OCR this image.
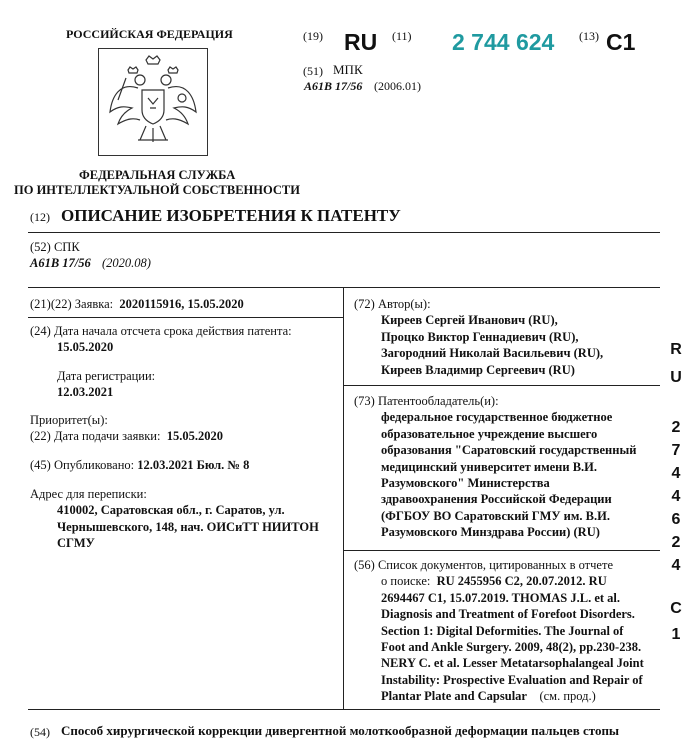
РОССИЙСКАЯ ФЕДЕРАЦИЯ
ФЕДЕРАЛЬНАЯ СЛУЖБА
ПО ИНТЕЛЛЕКТУАЛЬНОЙ СОБСТВЕННОСТИ
(19) RU (11) 2 744 624 (13) C1
(51) МПК
A61B 17/56 (2006.01)
(12) ОПИСАНИЕ ИЗОБРЕТЕНИЯ К ПАТЕНТУ
(52) СПК
A61B 17/56 (2020.08)
(21)(22) Заявка: 2020115916, 15.05.2020
(24) Дата начала отсчета срока действия патента:
15.05.2020
Дата регистрации:
12.03.2021
Приоритет(ы):
(22) Дата подачи заявки: 15.05.2020
(45) Опубликовано: 12.03.2021 Бюл. № 8
Адрес для переписки:
410002, Саратовская обл., г. Саратов, ул.
Чернышевского, 148, нач. ОИСиТТ НИИТОН
СГМУ
(72) Автор(ы):
Киреев Сергей Иванович (RU),
Процко Виктор Геннадиевич (RU),
Загородний Николай Васильевич (RU),
Киреев Владимир Сергеевич (RU)
(73) Патентообладатель(и):
федеральное государственное бюджетное
образовательное учреждение высшего
образования "Саратовский государственный
медицинский университет имени В.И.
Разумовского" Министерства
здравоохранения Российской Федерации
(ФГБОУ ВО Саратовский ГМУ им. В.И.
Разумовского Минздрава России) (RU)
(56) Список документов, цитированных в отчете
о поиске: RU 2455956 C2, 20.07.2012. RU
2694467 C1, 15.07.2019. THOMAS J.L. et al.
Diagnosis and Treatment of Forefoot Disorders.
Section 1: Digital Deformities. The Journal of
Foot and Ankle Surgery. 2009, 48(2), pp.230-238.
NERY C. et al. Lesser Metatarsophalangeal Joint
Instability: Prospective Evaluation and Repair of
Plantar Plate and Capsular (см. прод.)
(54) Способ хирургической коррекции дивергентной молоткообразной деформации пальцев стопы
R
U
2
7
4
4
6
2
4
C
1
